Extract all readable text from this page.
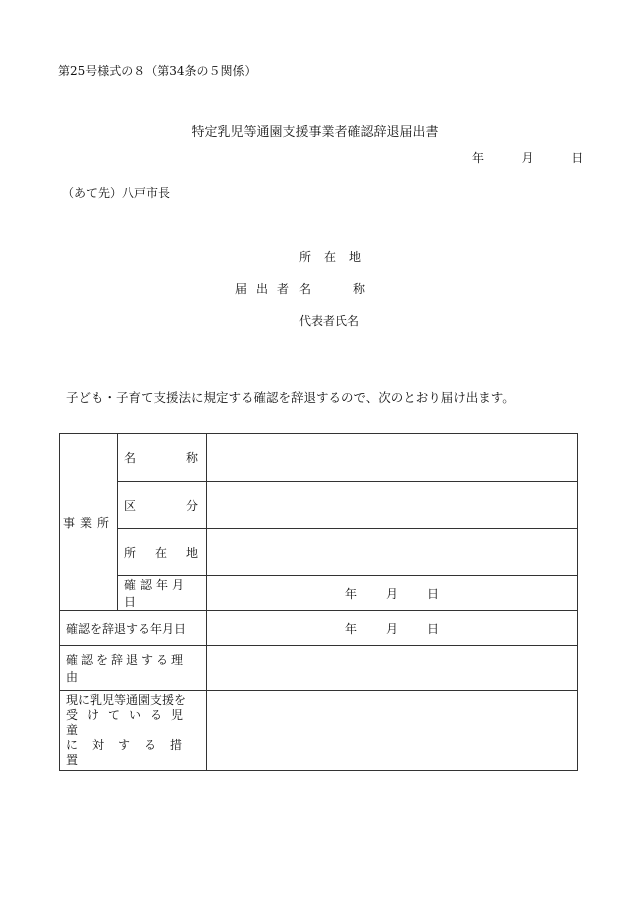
第25号様式の８（第34条の５関係）
特定乳児等通園支援事業者確認辞退届出書
年	月	日
（あて先）八戸市長
所在地
届出者 名称
代表者氏名
子ども・子育て支援法に規定する確認を辞退するので、次のとおり届け出ます。
事業所	名 称	

	区 分	

	所 在 地	

	確認年月日	年 月 日

確認を辞退する年月日		年 月 日

確認を辞退する理由		

現に乳児等通園支援を
受けている児童
に対する措置		
